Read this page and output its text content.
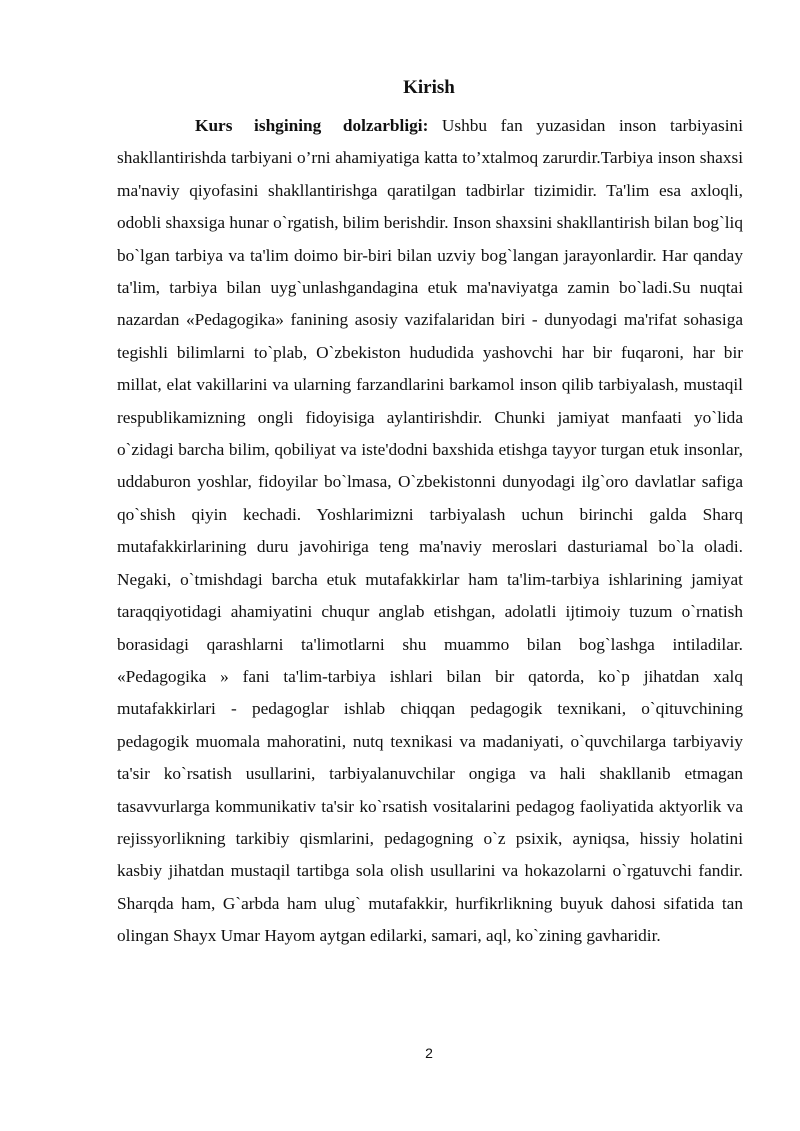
Kirish

Kurs ishgining dolzarbligi: Ushbu fan yuzasidan inson tarbiyasini shakllantirishda tarbiyani o’rni ahamiyatiga katta to’xtalmoq zarurdir.Tarbiya inson shaxsi ma'naviy qiyofasini shakllantirishga qaratilgan tadbirlar tizimidir. Ta'lim esa axloqli, odobli shaxsiga hunar o`rgatish, bilim berishdir. Inson shaxsini shakllantirish bilan bog`liq bo`lgan tarbiya va ta'lim doimo bir-biri bilan uzviy bog`langan jarayonlardir. Har qanday ta'lim, tarbiya bilan uyg`unlashgandagina etuk ma'naviyatga zamin bo`ladi.Su nuqtai nazardan «Pedagogika» fanining asosiy vazifalaridan biri - dunyodagi ma'rifat sohasiga tegishli bilimlarni to`plab, O`zbekiston hududida yashovchi har bir fuqaroni, har bir millat, elat vakillarini va ularning farzandlarini barkamol inson qilib tarbiyalash, mustaqil respublikamizning ongli fidoyisiga aylantirishdir. Chunki jamiyat manfaati yo`lida o`zidagi barcha bilim, qobiliyat va iste'dodni baxshida etishga tayyor turgan etuk insonlar, uddaburon yoshlar, fidoyilar bo`lmasa, O`zbekistonni dunyodagi ilg`oro davlatlar safiga qo`shish qiyin kechadi. Yoshlarimizni tarbiyalash uchun birinchi galda Sharq mutafakkirlarining duru javohiriga teng ma'naviy meroslari dasturiamal bo`la oladi. Negaki, o`tmishdagi barcha etuk mutafakkirlar ham ta'lim-tarbiya ishlarining jamiyat taraqqiyotidagi ahamiyatini chuqur anglab etishgan, adolatli ijtimoiy tuzum o`rnatish borasidagi qarashlarni ta'limotlarni shu muammo bilan bog`lashga intiladilar. «Pedagogika » fani ta'lim-tarbiya ishlari bilan bir qatorda, ko`p jihatdan xalq mutafakkirlari - pedagoglar ishlab chiqqan pedagogik texnikani, o`qituvchining pedagogik muomala mahoratini, nutq texnikasi va madaniyati, o`quvchilarga tarbiyaviy ta'sir ko`rsatish usullarini, tarbiyalanuvchilar ongiga va hali shakllanib etmagan tasavvurlarga kommunikativ ta'sir ko`rsatish vositalarini pedagog faoliyatida aktyorlik va rejissyorlikning tarkibiy qismlarini, pedagogning o`z psixik, ayniqsa, hissiy holatini kasbiy jihatdan mustaqil tartibga sola olish usullarini va hokazolarni o`rgatuvchi fandir. Sharqda ham, G`arbda ham ulug` mutafakkir, hurfikrlikning buyuk dahosi sifatida tan olingan Shayx Umar Hayom aytgan edilarki, samari, aql, ko`zining gavharidir.

2
